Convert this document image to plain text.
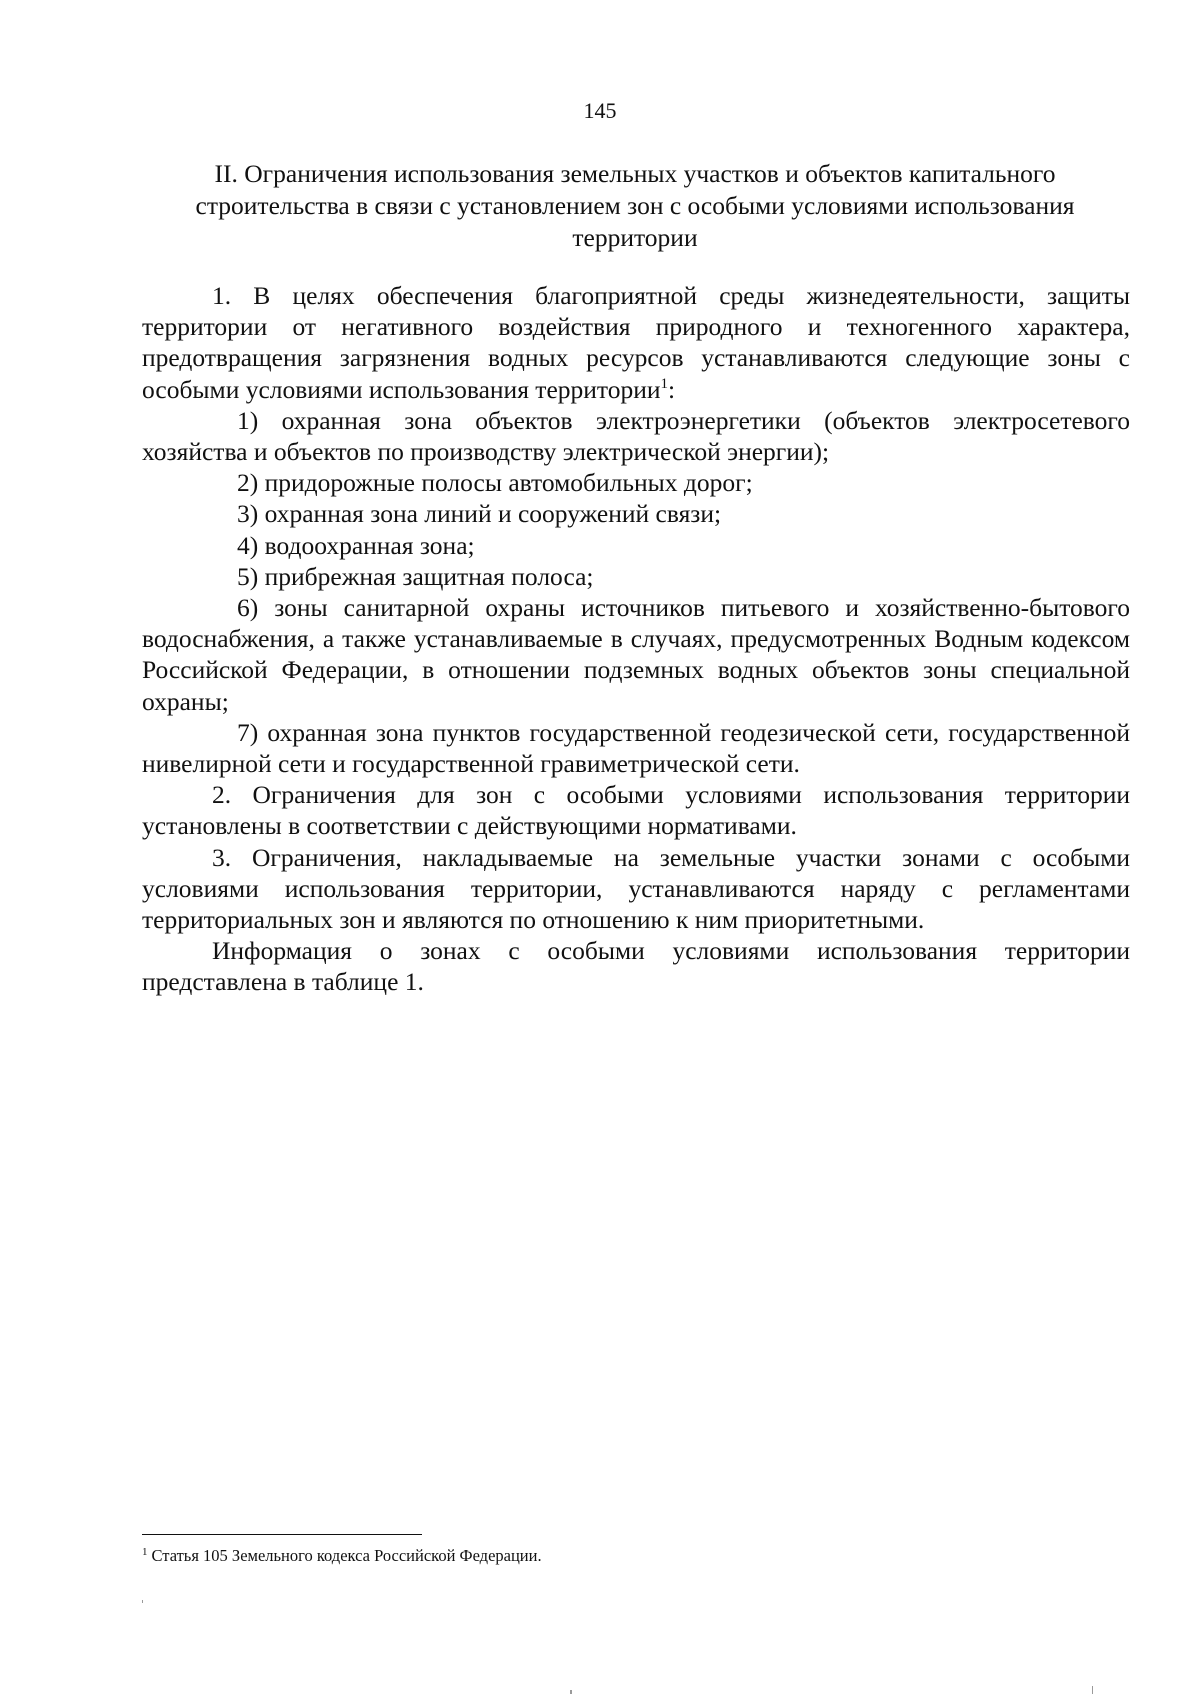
145
II. Ограничения использования земельных участков и объектов капитального
строительства в связи с установлением зон с особыми условиями использования
территории

1. В целях обеспечения благоприятной среды жизнедеятельности, защиты территории от негативного воздействия природного и техногенного характера, предотвращения загрязнения водных ресурсов устанавливаются следующие зоны с особыми условиями использования территории$^1$:

1) охранная зона объектов электроэнергетики (объектов электросетевого хозяйства и объектов по производству электрической энергии);

2) придорожные полосы автомобильных дорог;

3) охранная зона линий и сооружений связи;

4) водоохранная зона;

5) прибрежная защитная полоса;

6) зоны санитарной охраны источников питьевого и хозяйственно-бытового водоснабжения, а также устанавливаемые в случаях, предусмотренных Водным кодексом Российской Федерации, в отношении подземных водных объектов зоны специальной охраны;

7) охранная зона пунктов государственной геодезической сети, государственной нивелирной сети и государственной гравиметрической сети.

2. Ограничения для зон с особыми условиями использования территории установлены в соответствии с действующими нормативами.

3. Ограничения, накладываемые на земельные участки зонами с особыми условиями использования территории, устанавливаются наряду с регламентами территориальных зон и являются по отношению к ним приоритетными.

Информация о зонах с особыми условиями использования территории представлена в таблице 1.

$^1$ Статья 105 Земельного кодекса Российской Федерации.
